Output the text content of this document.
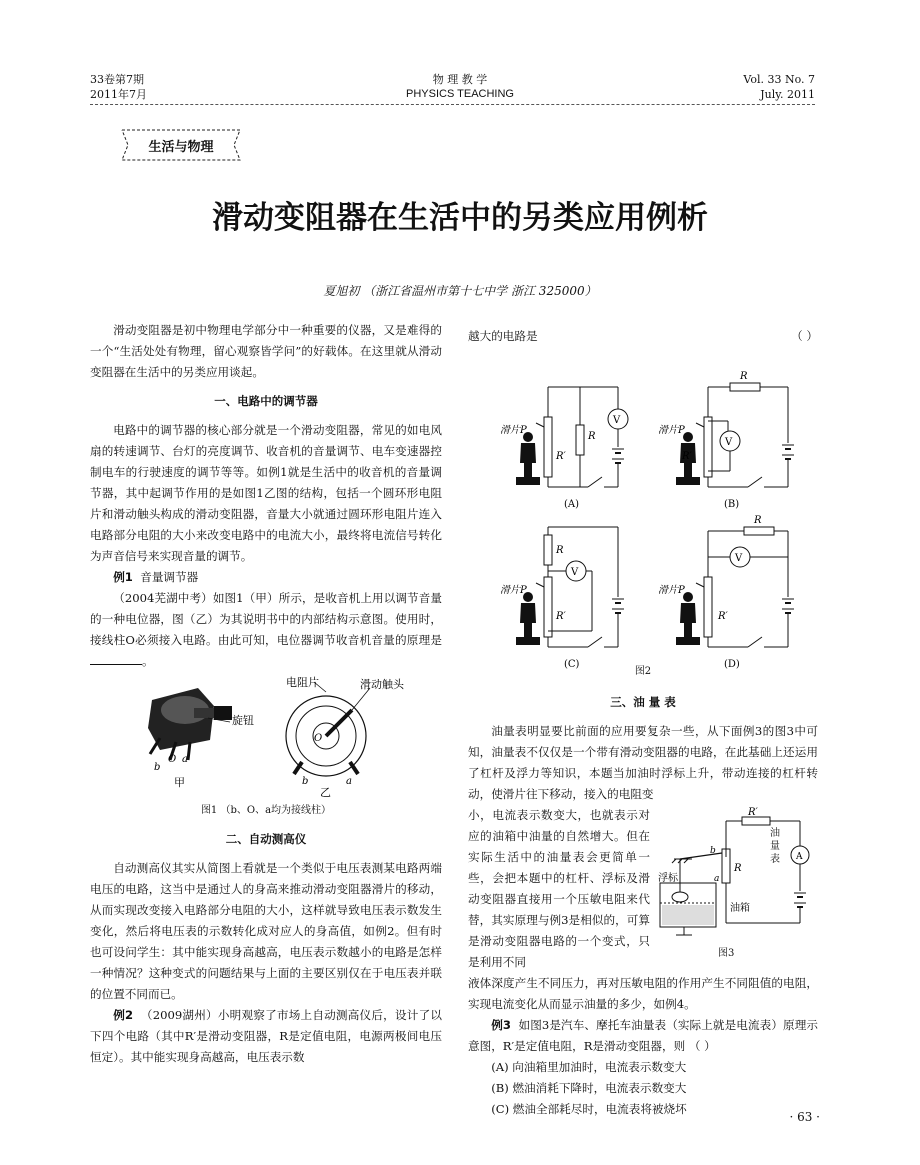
33卷第7期
2011年7月
物 理 教 学
PHYSICS TEACHING
Vol. 33 No. 7
July. 2011
生活与物理
滑动变阻器在生活中的另类应用例析
夏旭初 （浙江省温州市第十七中学 浙江 325000）

滑动变阻器是初中物理电学部分中一种重要的仪器，又是难得的一个“生活处处有物理，留心观察皆学问”的好载体。在这里就从滑动变阻器在生活中的另类应用谈起。

一、电路中的调节器

电路中的调节器的核心部分就是一个滑动变阻器，常见的如电风扇的转速调节、台灯的亮度调节、收音机的音量调节、电车变速器控制电车的行驶速度的调节等等。如例1就是生活中的收音机的音量调节器，其中起调节作用的是如图1乙图的结构，包括一个圆环形电阻片和滑动触头构成的滑动变阻器，音量大小就通过圆环形电阻片连入电路部分电阻的大小来改变电路中的电流大小，最终将电流信号转化为声音信号来实现音量的调节。

例1 音量调节器

（2004芜湖中考）如图1（甲）所示，是收音机上用以调节音量的一种电位器，图（乙）为其说明书中的内部结构示意图。使用时，接线柱O必须接入电路。由此可知，电位器调节收音机音量的原理是。

旋钮
b
O a
甲
电阻片	滑动触头
O
b	a
乙
图1 （b、O、a均为接线柱）
二、自动测高仪

自动测高仪其实从简图上看就是一个类似于电压表测某电路两端电压的电路，这当中是通过人的身高来推动滑动变阻器滑片的移动，从而实现改变接入电路部分电阻的大小，这样就导致电压表示数发生变化，然后将电压表的示数转化成对应人的身高值，如例2。但有时也可设问学生：其中能实现身高越高，电压表示数越小的电路是怎样一种情况？这种变式的问题结果与上面的主要区别仅在于电压表并联的位置不同而已。

例2 （2009湖州）小明观察了市场上自动测高仪后，设计了以下四个电路（其中R′是滑动变阻器，R是定值电阻，电源两极间电压恒定）。其中能实现身高越高，电压表示数

越大的电路是	（ ）
V
滑片P
R
R′
(A)
V
滑片P
R
R′
(B)
V
滑片P
R
R′
(C)
V
滑片P
R
R′
(D)
图2
三、油 量 表

油量表明显要比前面的应用要复杂一些，从下面例3的图3中可知，油量表不仅仅是一个带有滑动变阻器的电路，在此基础上还运用了杠杆及浮力等知识，本题当加油时浮标上升，带动连接的杠杆转动，使滑片往下移动，接入的电阻变

小，电流表示数变大，也就表示对应的油箱中油量的自然增大。但在实际生活中的油量表会更简单一些，会把本题中的杠杆、浮标及滑动变阻器直接用一个压敏电阻来代替，其实原理与例3是相似的，可算是滑动变阻器电路的一个变式，只是利用不同

R′
R
b
a
A
浮标
油箱
油量表
图3

液体深度产生不同压力，再对压敏电阻的作用产生不同阻值的电阻，实现电流变化从而显示油量的多少，如例4。

例3 如图3是汽车、摩托车油量表（实际上就是电流表）原理示意图，R′是定值电阻，R是滑动变阻器，则 （ ）

(A) 向油箱里加油时，电流表示数变大

(B) 燃油消耗下降时，电流表示数变大

(C) 燃油全部耗尽时，电流表将被烧坏

· 63 ·
